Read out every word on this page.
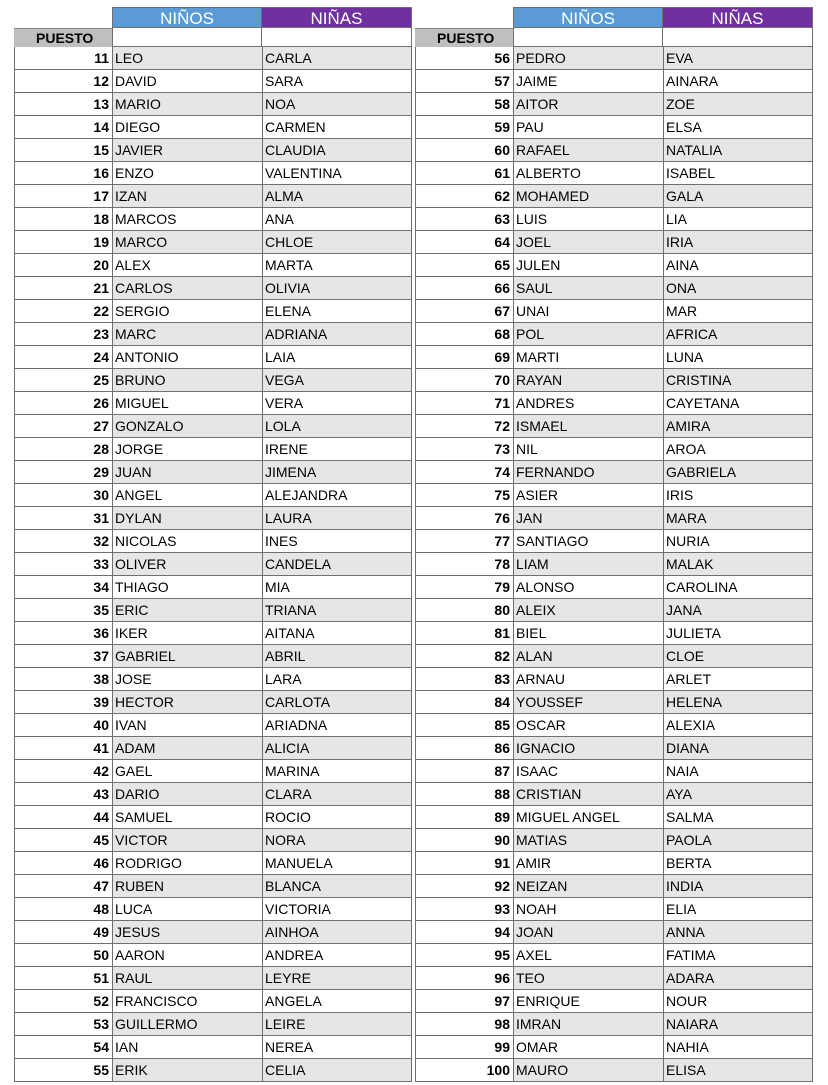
NIÑOS	NIÑAS
PUESTO
11 LEO	CARLA
12 DAVID	SARA
13 MARIO	NOA
14 DIEGO	CARMEN
15 JAVIER	CLAUDIA
16 ENZO	VALENTINA
17 IZAN	ALMA
18 MARCOS	ANA
19 MARCO	CHLOE
20 ALEX	MARTA
21 CARLOS	OLIVIA
22 SERGIO	ELENA
23 MARC	ADRIANA
24 ANTONIO	LAIA
25 BRUNO	VEGA
26 MIGUEL	VERA
27 GONZALO	LOLA
28 JORGE	IRENE
29 JUAN	JIMENA
30 ANGEL	ALEJANDRA
31 DYLAN	LAURA
32 NICOLAS	INES
33 OLIVER	CANDELA
34 THIAGO	MIA
35 ERIC	TRIANA
36 IKER	AITANA
37 GABRIEL	ABRIL
38 JOSE	LARA
39 HECTOR	CARLOTA
40 IVAN	ARIADNA
41 ADAM	ALICIA
42 GAEL	MARINA
43 DARIO	CLARA
44 SAMUEL	ROCIO
45 VICTOR	NORA
46 RODRIGO	MANUELA
47 RUBEN	BLANCA
48 LUCA	VICTORIA
49 JESUS	AINHOA
50 AARON	ANDREA
51 RAUL	LEYRE
52 FRANCISCO	ANGELA
53 GUILLERMO	LEIRE
54 IAN	NEREA
55 ERIK	CELIA
NIÑOS	NIÑAS
PUESTO
56 PEDRO	EVA
57 JAIME	AINARA
58 AITOR	ZOE
59 PAU	ELSA
60 RAFAEL	NATALIA
61 ALBERTO	ISABEL
62 MOHAMED	GALA
63 LUIS	LIA
64 JOEL	IRIA
65 JULEN	AINA
66 SAUL	ONA
67 UNAI	MAR
68 POL	AFRICA
69 MARTI	LUNA
70 RAYAN	CRISTINA
71 ANDRES	CAYETANA
72 ISMAEL	AMIRA
73 NIL	AROA
74 FERNANDO	GABRIELA
75 ASIER	IRIS
76 JAN	MARA
77 SANTIAGO	NURIA
78 LIAM	MALAK
79 ALONSO	CAROLINA
80 ALEIX	JANA
81 BIEL	JULIETA
82 ALAN	CLOE
83 ARNAU	ARLET
84 YOUSSEF	HELENA
85 OSCAR	ALEXIA
86 IGNACIO	DIANA
87 ISAAC	NAIA
88 CRISTIAN	AYA
89 MIGUEL ANGEL	SALMA
90 MATIAS	PAOLA
91 AMIR	BERTA
92 NEIZAN	INDIA
93 NOAH	ELIA
94 JOAN	ANNA
95 AXEL	FATIMA
96 TEO	ADARA
97 ENRIQUE	NOUR
98 IMRAN	NAIARA
99 OMAR	NAHIA
100 MAURO	ELISA
